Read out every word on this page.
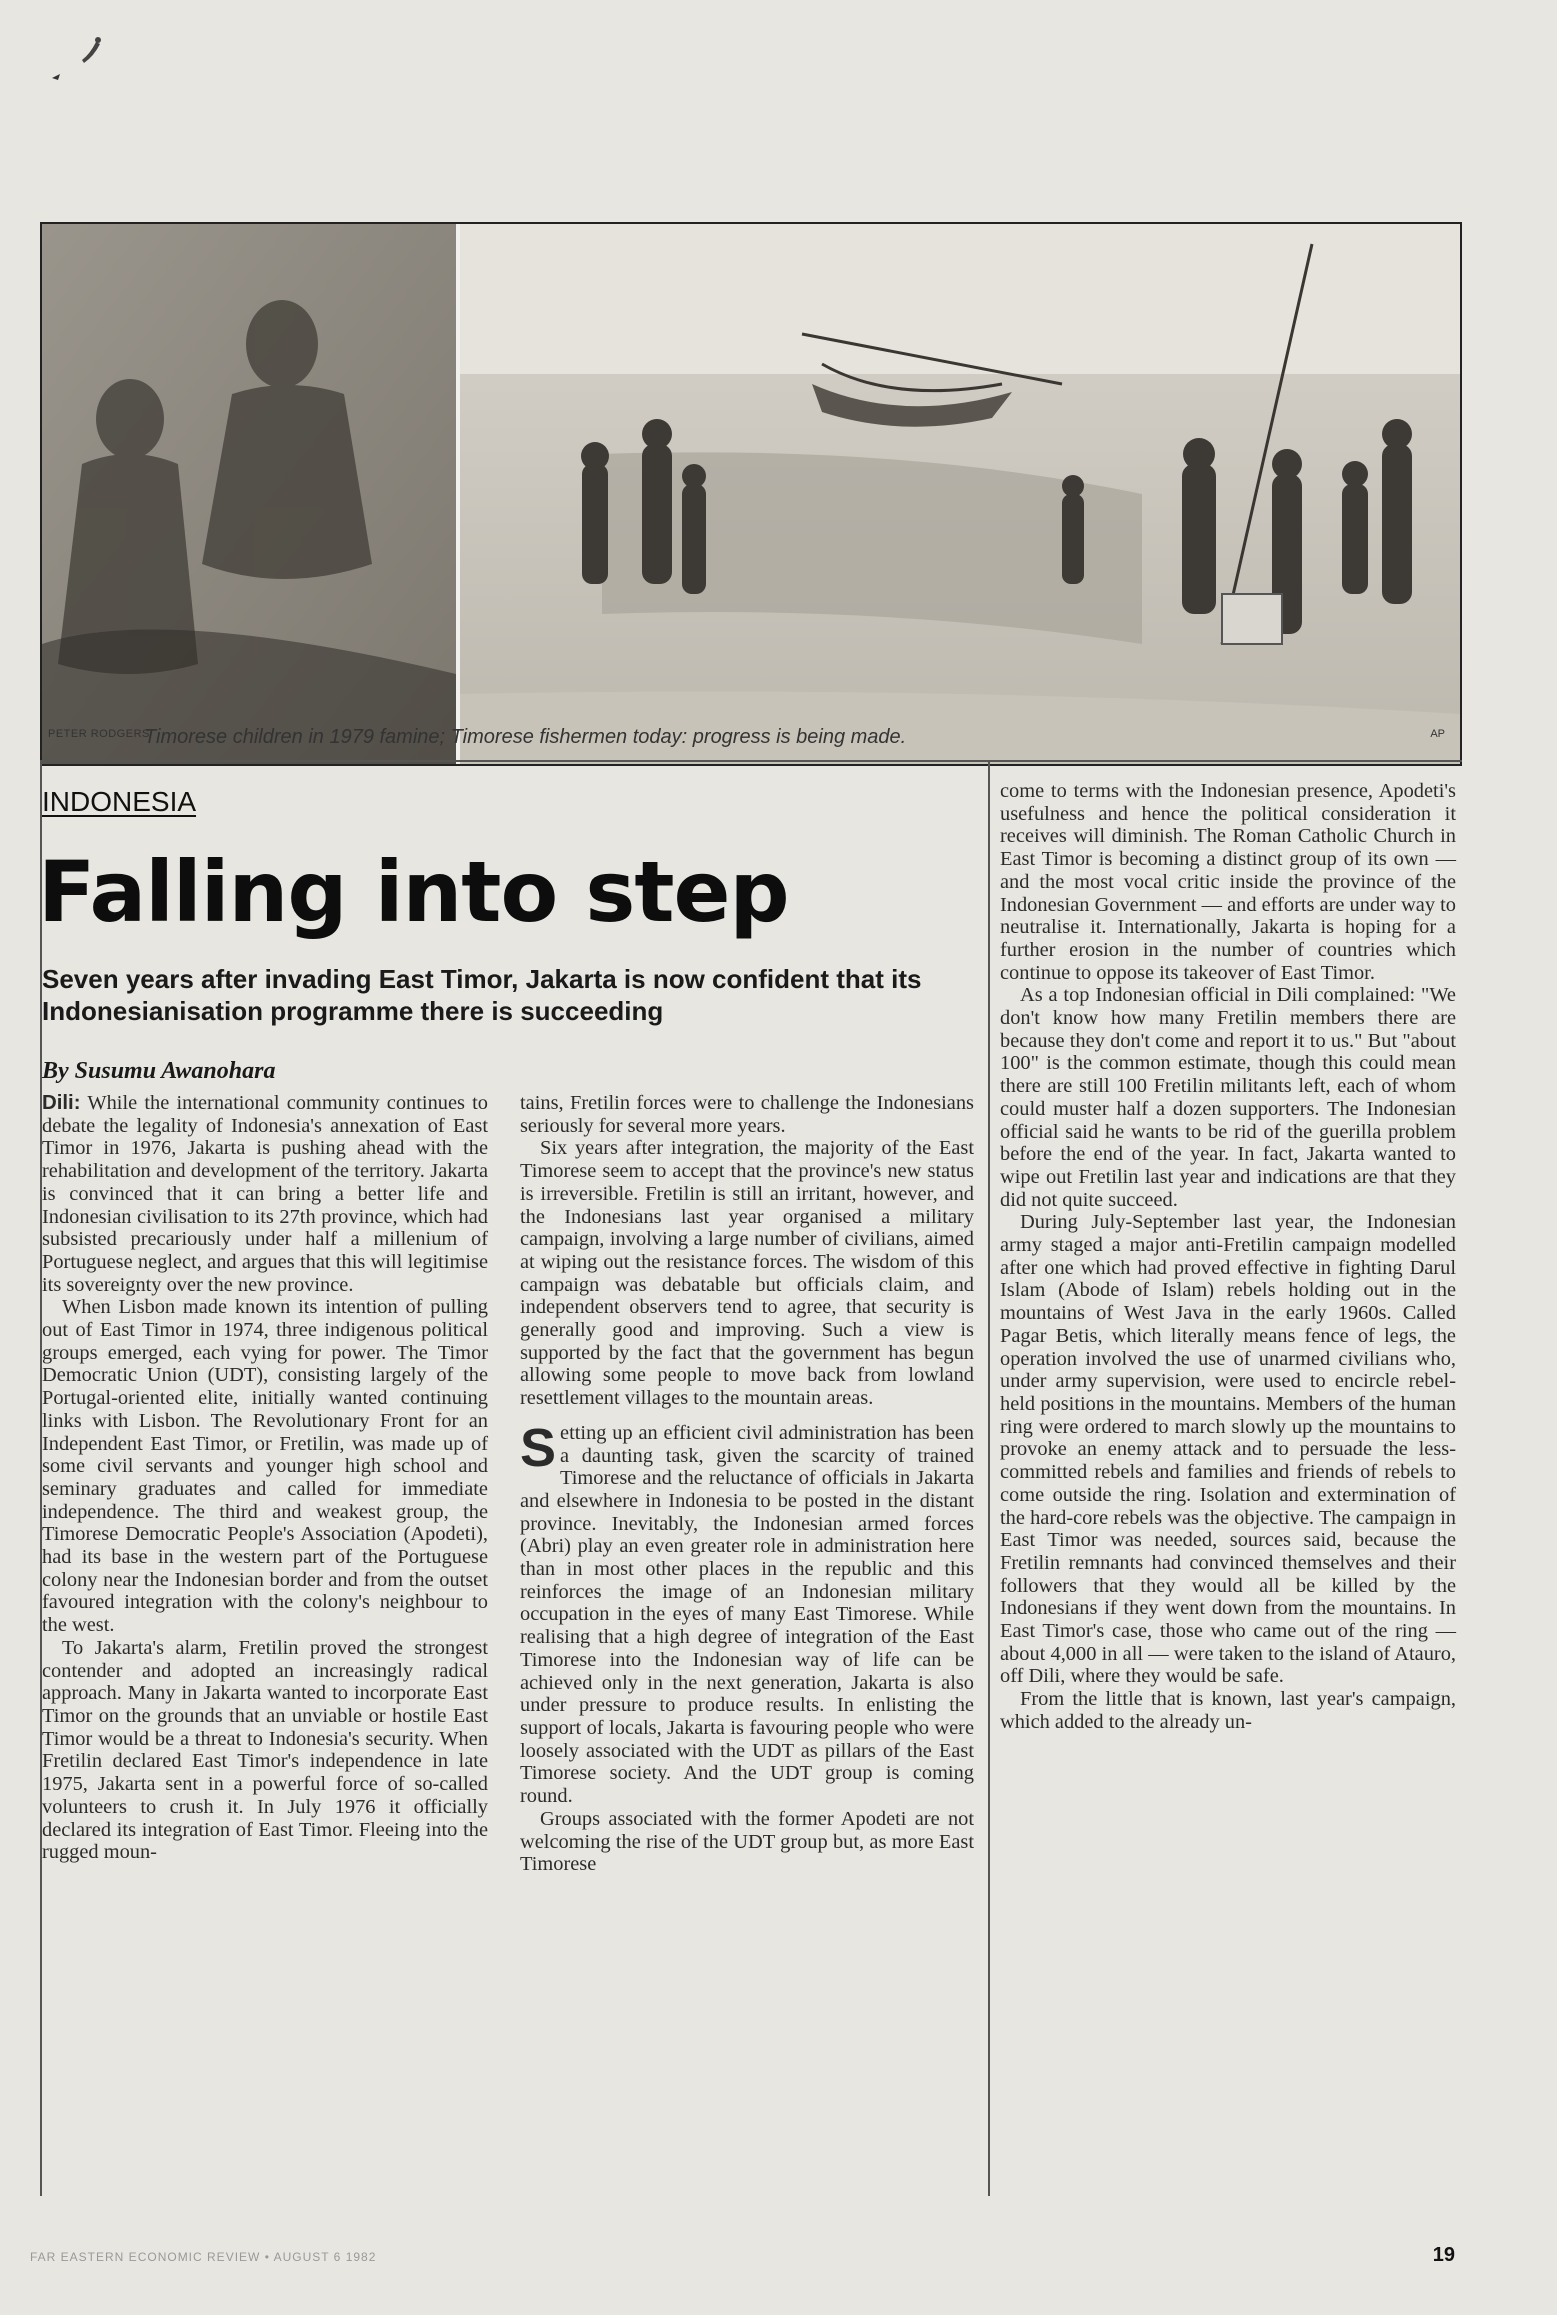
PETER RODGERS
Timorese children in 1979 famine; Timorese fishermen today: progress is being made.	AP
INDONESIA
Falling into step
Seven years after invading East Timor, Jakarta is now confident that its Indonesianisation programme there is succeeding
By Susumu Awanohara

Dili: While the international community continues to debate the legality of Indonesia's annexation of East Timor in 1976, Jakarta is pushing ahead with the rehabilitation and development of the territory. Jakarta is convinced that it can bring a better life and Indonesian civilisation to its 27th province, which had subsisted precariously under half a millenium of Portuguese neglect, and argues that this will legitimise its sovereignty over the new province.

When Lisbon made known its intention of pulling out of East Timor in 1974, three indigenous political groups emerged, each vying for power. The Timor Democratic Union (UDT), consisting largely of the Portugal-oriented elite, initially wanted continuing links with Lisbon. The Revolutionary Front for an Independent East Timor, or Fretilin, was made up of some civil servants and younger high school and seminary graduates and called for immediate independence. The third and weakest group, the Timorese Democratic People's Association (Apodeti), had its base in the western part of the Portuguese colony near the Indonesian border and from the outset favoured integration with the colony's neighbour to the west.

To Jakarta's alarm, Fretilin proved the strongest contender and adopted an increasingly radical approach. Many in Jakarta wanted to incorporate East Timor on the grounds that an unviable or hostile East Timor would be a threat to Indonesia's security. When Fretilin declared East Timor's independence in late 1975, Jakarta sent in a powerful force of so-called volunteers to crush it. In July 1976 it officially declared its integration of East Timor. Fleeing into the rugged moun-

tains, Fretilin forces were to challenge the Indonesians seriously for several more years.

Six years after integration, the majority of the East Timorese seem to accept that the province's new status is irreversible. Fretilin is still an irritant, however, and the Indonesians last year organised a military campaign, involving a large number of civilians, aimed at wiping out the resistance forces. The wisdom of this campaign was debatable but officials claim, and independent observers tend to agree, that security is generally good and improving. Such a view is supported by the fact that the government has begun allowing some people to move back from lowland resettlement villages to the mountain areas.

Setting up an efficient civil administration has been a daunting task, given the scarcity of trained Timorese and the reluctance of officials in Jakarta and elsewhere in Indonesia to be posted in the distant province. Inevitably, the Indonesian armed forces (Abri) play an even greater role in administration here than in most other places in the republic and this reinforces the image of an Indonesian military occupation in the eyes of many East Timorese. While realising that a high degree of integration of the East Timorese into the Indonesian way of life can be achieved only in the next generation, Jakarta is also under pressure to produce results. In enlisting the support of locals, Jakarta is favouring people who were loosely associated with the UDT as pillars of the East Timorese society. And the UDT group is coming round.

Groups associated with the former Apodeti are not welcoming the rise of the UDT group but, as more East Timorese

come to terms with the Indonesian presence, Apodeti's usefulness and hence the political consideration it receives will diminish. The Roman Catholic Church in East Timor is becoming a distinct group of its own — and the most vocal critic inside the province of the Indonesian Government — and efforts are under way to neutralise it. Internationally, Jakarta is hoping for a further erosion in the number of countries which continue to oppose its takeover of East Timor.

As a top Indonesian official in Dili complained: "We don't know how many Fretilin members there are because they don't come and report it to us." But "about 100" is the common estimate, though this could mean there are still 100 Fretilin militants left, each of whom could muster half a dozen supporters. The Indonesian official said he wants to be rid of the guerilla problem before the end of the year. In fact, Jakarta wanted to wipe out Fretilin last year and indications are that they did not quite succeed.

During July-September last year, the Indonesian army staged a major anti-Fretilin campaign modelled after one which had proved effective in fighting Darul Islam (Abode of Islam) rebels holding out in the mountains of West Java in the early 1960s. Called Pagar Betis, which literally means fence of legs, the operation involved the use of unarmed civilians who, under army supervision, were used to encircle rebel-held positions in the mountains. Members of the human ring were ordered to march slowly up the mountains to provoke an enemy attack and to persuade the less-committed rebels and families and friends of rebels to come outside the ring. Isolation and extermination of the hard-core rebels was the objective. The campaign in East Timor was needed, sources said, because the Fretilin remnants had convinced themselves and their followers that they would all be killed by the Indonesians if they went down from the mountains. In East Timor's case, those who came out of the ring — about 4,000 in all — were taken to the island of Atauro, off Dili, where they would be safe.

From the little that is known, last year's campaign, which added to the already un-

FAR EASTERN ECONOMIC REVIEW • AUGUST 6 1982	19
